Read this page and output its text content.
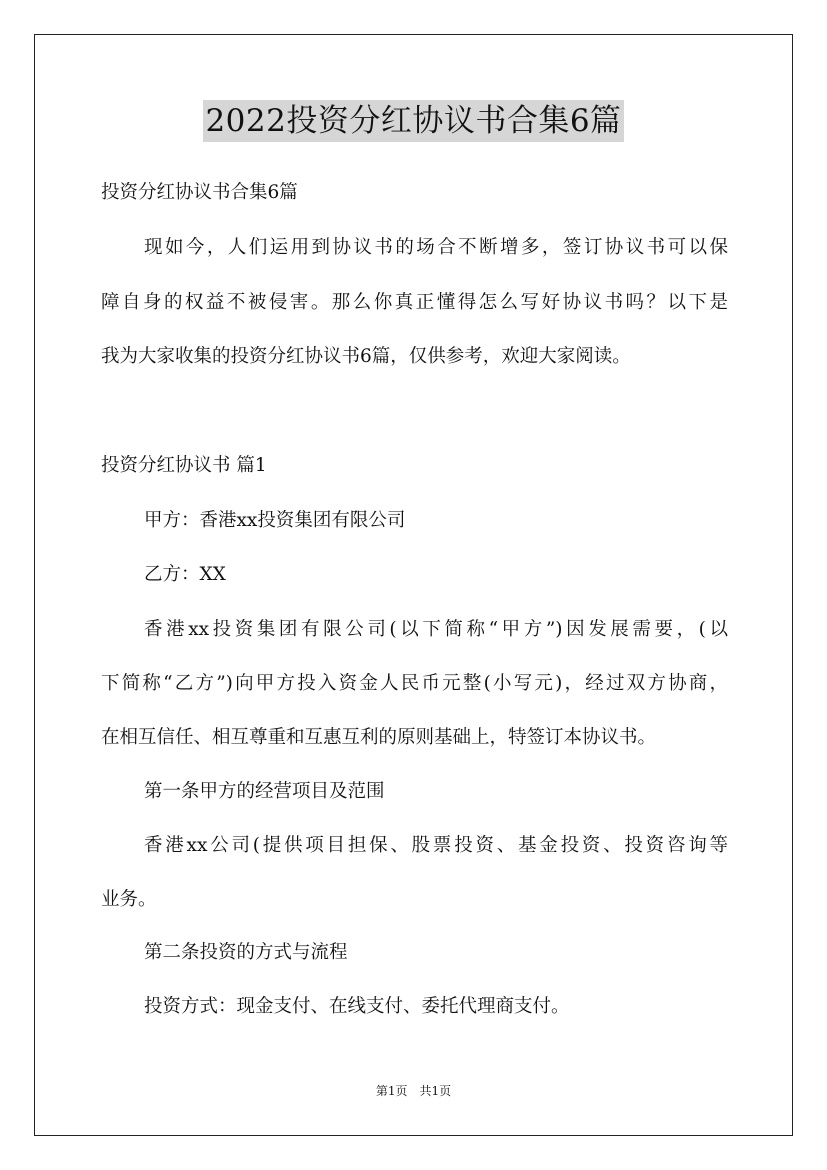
2022投资分红协议书合集6篇
投资分红协议书合集6篇
现如今，人们运用到协议书的场合不断增多，签订协议书可以保
障自身的权益不被侵害。那么你真正懂得怎么写好协议书吗？以下是
我为大家收集的投资分红协议书6篇，仅供参考，欢迎大家阅读。
投资分红协议书 篇1
甲方：香港xx投资集团有限公司
乙方：XX
香港xx投资集团有限公司(以下简称“甲方”)因发展需要，(以
下简称“乙方”)向甲方投入资金人民币元整(小写元)，经过双方协商，
在相互信任、相互尊重和互惠互利的原则基础上，特签订本协议书。
第一条甲方的经营项目及范围
香港xx公司(提供项目担保、股票投资、基金投资、投资咨询等
业务。
第二条投资的方式与流程
投资方式：现金支付、在线支付、委托代理商支付。
第1页　共1页
